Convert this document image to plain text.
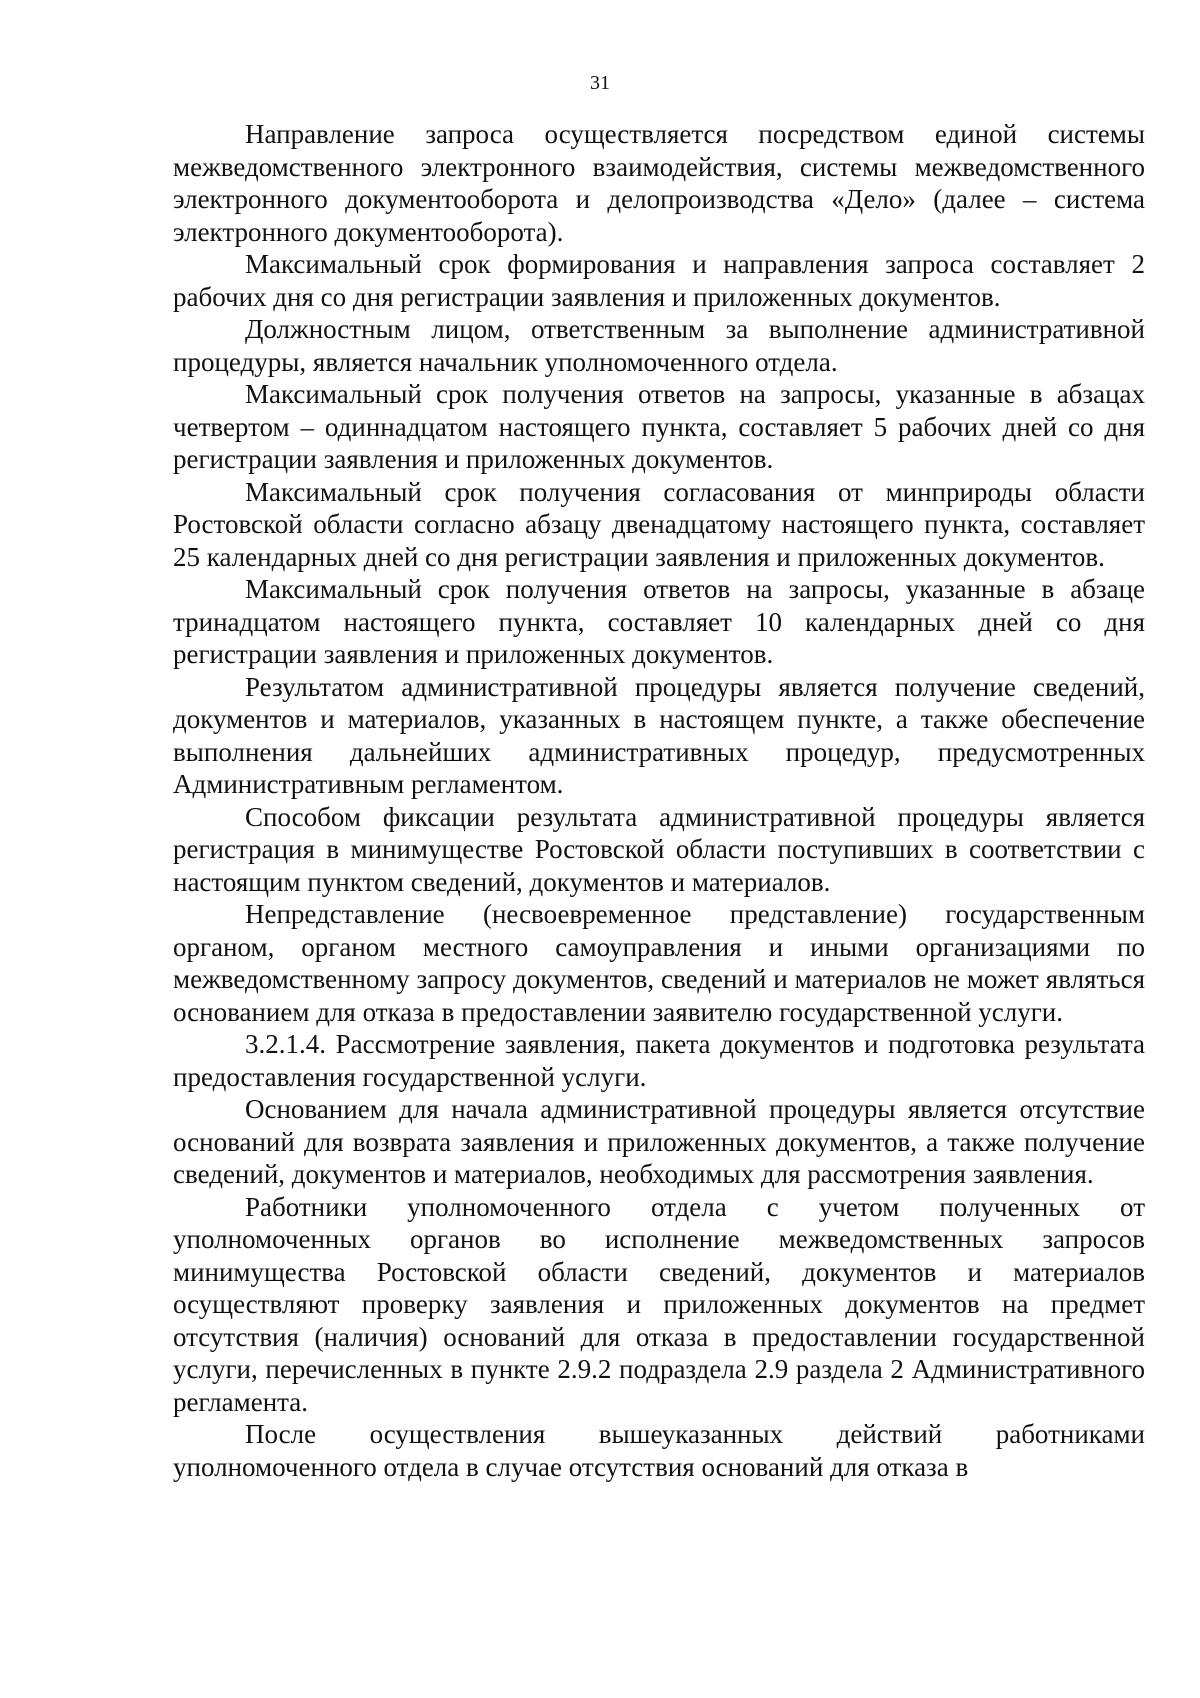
31

Направление запроса осуществляется посредством единой системы межведомственного электронного взаимодействия, системы межведомственного электронного документооборота и делопроизводства «Дело» (далее – система электронного документооборота).

Максимальный срок формирования и направления запроса составляет 2 рабочих дня со дня регистрации заявления и приложенных документов.

Должностным лицом, ответственным за выполнение административной процедуры, является начальник уполномоченного отдела.

Максимальный срок получения ответов на запросы, указанные в абзацах четвертом – одиннадцатом настоящего пункта, составляет 5 рабочих дней со дня регистрации заявления и приложенных документов.

Максимальный срок получения согласования от минприроды области Ростовской области согласно абзацу двенадцатому настоящего пункта, составляет 25 календарных дней со дня регистрации заявления и приложенных документов.

Максимальный срок получения ответов на запросы, указанные в абзаце тринадцатом настоящего пункта, составляет 10 календарных дней со дня регистрации заявления и приложенных документов.

Результатом административной процедуры является получение сведений, документов и материалов, указанных в настоящем пункте, а также обеспечение выполнения дальнейших административных процедур, предусмотренных Административным регламентом.

Способом фиксации результата административной процедуры является регистрация в минимуществе Ростовской области поступивших в соответствии с настоящим пунктом сведений, документов и материалов.

Непредставление (несвоевременное представление) государственным органом, органом местного самоуправления и иными организациями по межведомственному запросу документов, сведений и материалов не может являться основанием для отказа в предоставлении заявителю государственной услуги.

3.2.1.4. Рассмотрение заявления, пакета документов и подготовка результата предоставления государственной услуги.

Основанием для начала административной процедуры является отсутствие оснований для возврата заявления и приложенных документов, а также получение сведений, документов и материалов, необходимых для рассмотрения заявления.

Работники уполномоченного отдела с учетом полученных от уполномоченных органов во исполнение межведомственных запросов минимущества Ростовской области сведений, документов и материалов осуществляют проверку заявления и приложенных документов на предмет отсутствия (наличия) оснований для отказа в предоставлении государственной услуги, перечисленных в пункте 2.9.2 подраздела 2.9 раздела 2 Административного регламента.

После осуществления вышеуказанных действий работниками уполномоченного отдела в случае отсутствия оснований для отказа в
